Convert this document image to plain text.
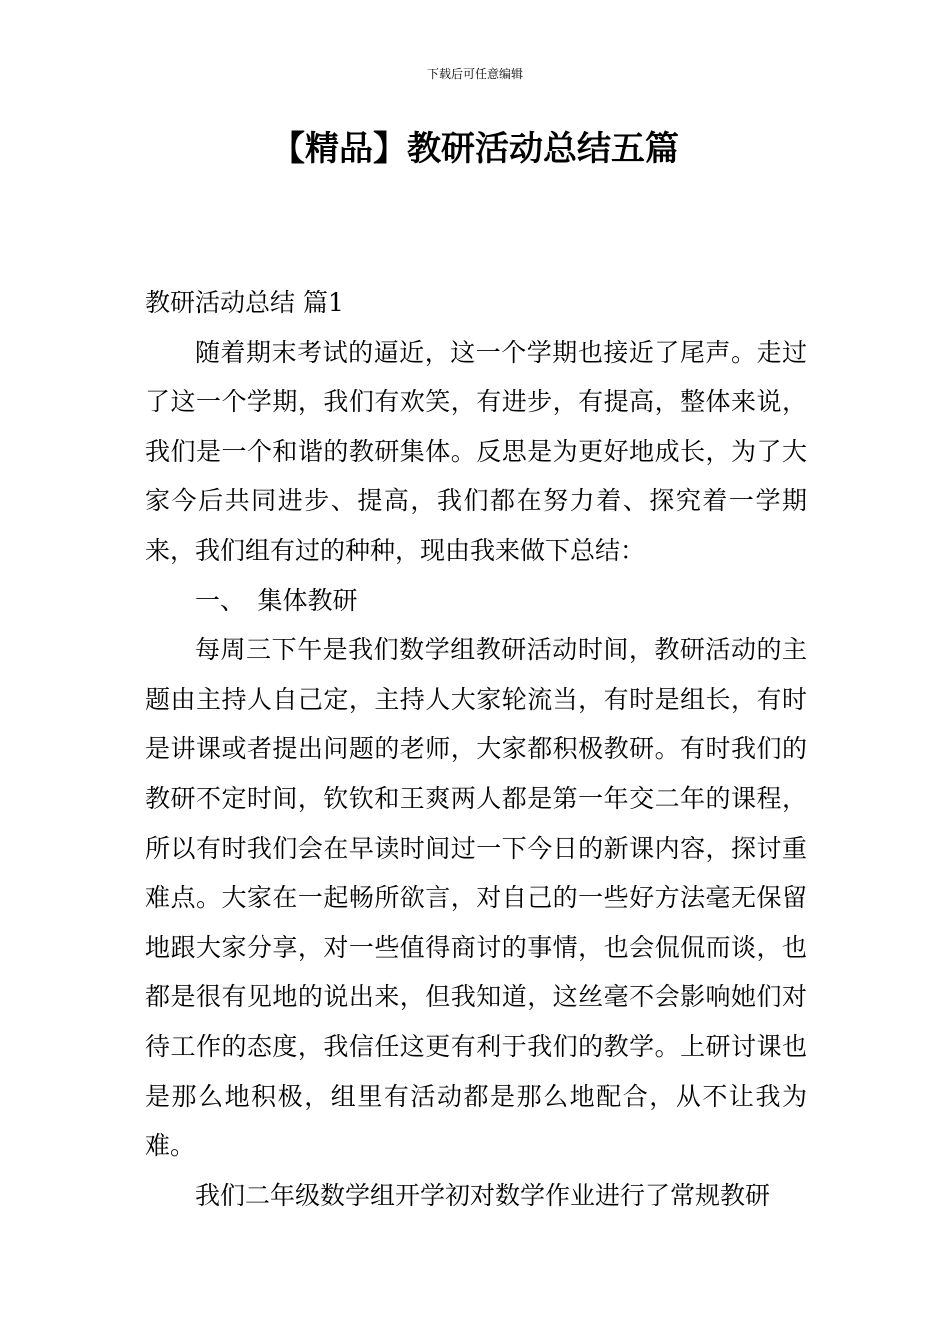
下载后可任意编辑
【精品】教研活动总结五篇
教研活动总结 篇1

随着期末考试的逼近，这一个学期也接近了尾声。走过了这一个学期，我们有欢笑，有进步，有提高，整体来说，我们是一个和谐的教研集体。反思是为更好地成长，为了大家今后共同进步、提高，我们都在努力着、探究着一学期来，我们组有过的种种，现由我来做下总结：

一、　集体教研

每周三下午是我们数学组教研活动时间，教研活动的主题由主持人自己定，主持人大家轮流当，有时是组长，有时是讲课或者提出问题的老师，大家都积极教研。有时我们的教研不定时间，钦钦和王爽两人都是第一年交二年的课程，所以有时我们会在早读时间过一下今日的新课内容，探讨重难点。大家在一起畅所欲言，对自己的一些好方法毫无保留地跟大家分享，对一些值得商讨的事情，也会侃侃而谈，也都是很有见地的说出来，但我知道，这丝毫不会影响她们对待工作的态度，我信任这更有利于我们的教学。上研讨课也是那么地积极，组里有活动都是那么地配合，从不让我为难。

我们二年级数学组开学初对数学作业进行了常规教研
